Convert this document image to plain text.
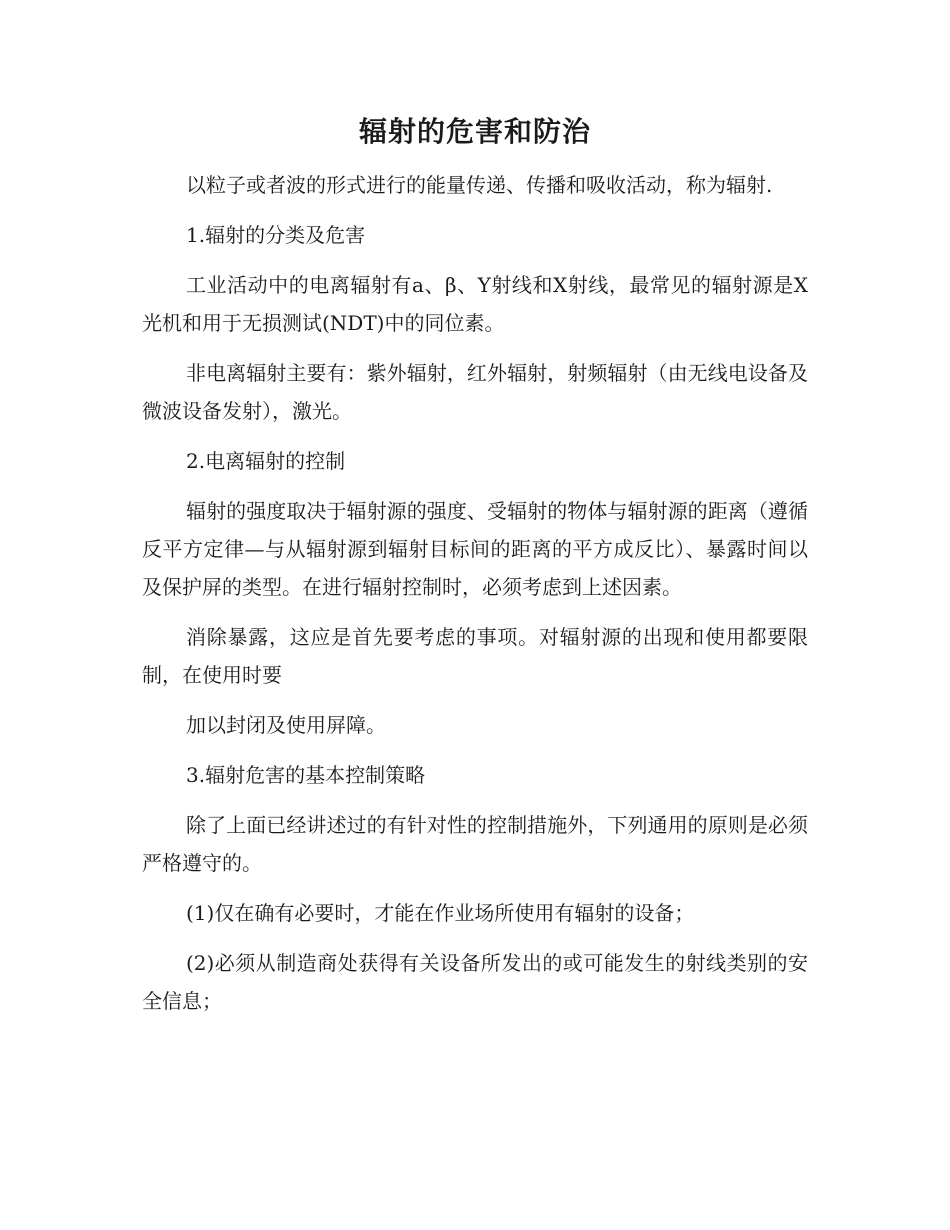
辐射的危害和防治

以粒子或者波的形式进行的能量传递、传播和吸收活动，称为辐射.

1.辐射的分类及危害

工业活动中的电离辐射有a、β、Y射线和X射线，最常见的辐射源是X光机和用于无损测试(NDT)中的同位素。

非电离辐射主要有：紫外辐射，红外辐射，射频辐射（由无线电设备及微波设备发射），激光。

2.电离辐射的控制

辐射的强度取决于辐射源的强度、受辐射的物体与辐射源的距离（遵循反平方定律—与从辐射源到辐射目标间的距离的平方成反比）、暴露时间以及保护屏的类型。在进行辐射控制时，必须考虑到上述因素。

消除暴露，这应是首先要考虑的事项。对辐射源的出现和使用都要限制，在使用时要

加以封闭及使用屏障。

3.辐射危害的基本控制策略

除了上面已经讲述过的有针对性的控制措施外，下列通用的原则是必须严格遵守的。

(1)仅在确有必要时，才能在作业场所使用有辐射的设备；

(2)必须从制造商处获得有关设备所发出的或可能发生的射线类别的安全信息；
